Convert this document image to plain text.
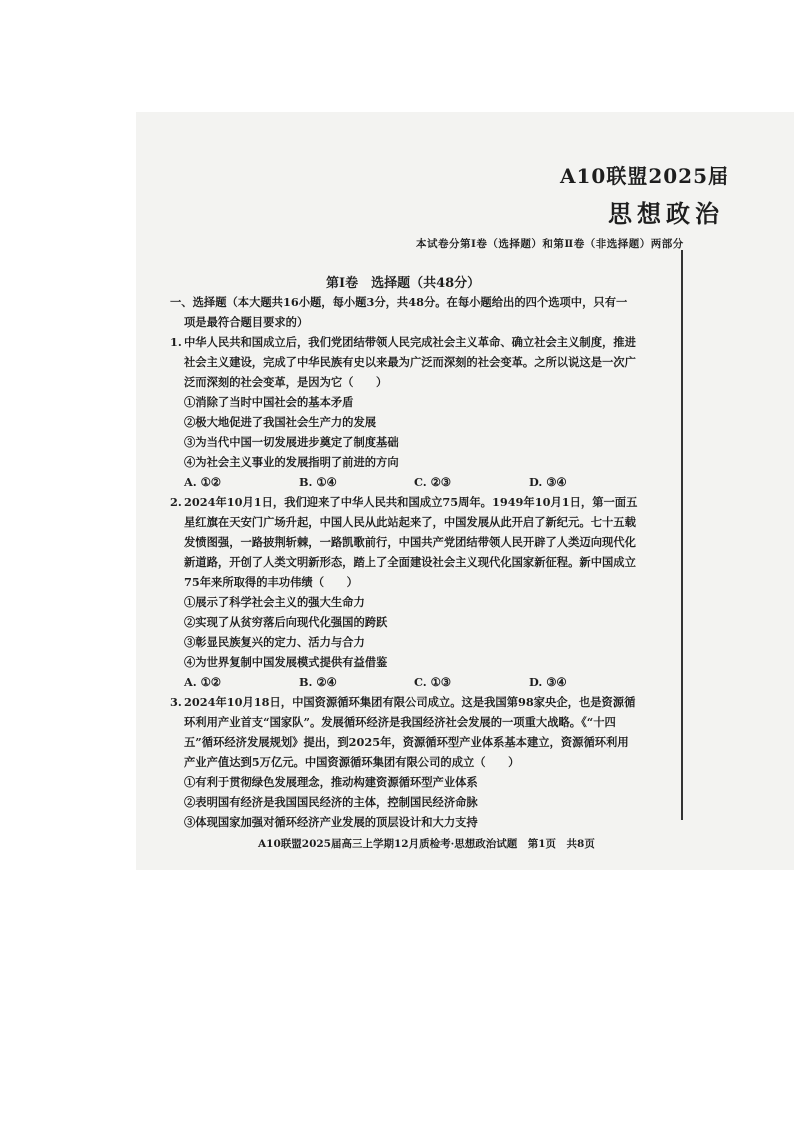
A10联盟2025届
思想政治
本试卷分第Ⅰ卷（选择题）和第Ⅱ卷（非选择题）两部分
第Ⅰ卷　选择题（共48分）
一、选择题（本大题共16小题，每小题3分，共48分。在每小题给出的四个选项中，只有一
项是最符合题目要求的）
1. 中华人民共和国成立后，我们党团结带领人民完成社会主义革命、确立社会主义制度，推进
社会主义建设，完成了中华民族有史以来最为广泛而深刻的社会变革。之所以说这是一次广
泛而深刻的社会变革，是因为它（　　）
①消除了当时中国社会的基本矛盾
②极大地促进了我国社会生产力的发展
③为当代中国一切发展进步奠定了制度基础
④为社会主义事业的发展指明了前进的方向
A. ①②	B. ①④	C. ②③	D. ③④
2. 2024年10月1日，我们迎来了中华人民共和国成立75周年。1949年10月1日，第一面五
星红旗在天安门广场升起，中国人民从此站起来了，中国发展从此开启了新纪元。七十五载
发愤图强，一路披荆斩棘，一路凯歌前行，中国共产党团结带领人民开辟了人类迈向现代化
新道路，开创了人类文明新形态，踏上了全面建设社会主义现代化国家新征程。新中国成立
75年来所取得的丰功伟绩（　　）
①展示了科学社会主义的强大生命力
②实现了从贫穷落后向现代化强国的跨跃
③彰显民族复兴的定力、活力与合力
④为世界复制中国发展模式提供有益借鉴
A. ①②	B. ②④	C. ①③	D. ③④
3. 2024年10月18日，中国资源循环集团有限公司成立。这是我国第98家央企，也是资源循
环利用产业首支“国家队”。发展循环经济是我国经济社会发展的一项重大战略。《“十四
五”循环经济发展规划》提出，到2025年，资源循环型产业体系基本建立，资源循环利用
产业产值达到5万亿元。中国资源循环集团有限公司的成立（　　）
①有利于贯彻绿色发展理念，推动构建资源循环型产业体系
②表明国有经济是我国国民经济的主体，控制国民经济命脉
③体现国家加强对循环经济产业发展的顶层设计和大力支持
A10联盟2025届高三上学期12月质检考·思想政治试题　第1页　共8页
